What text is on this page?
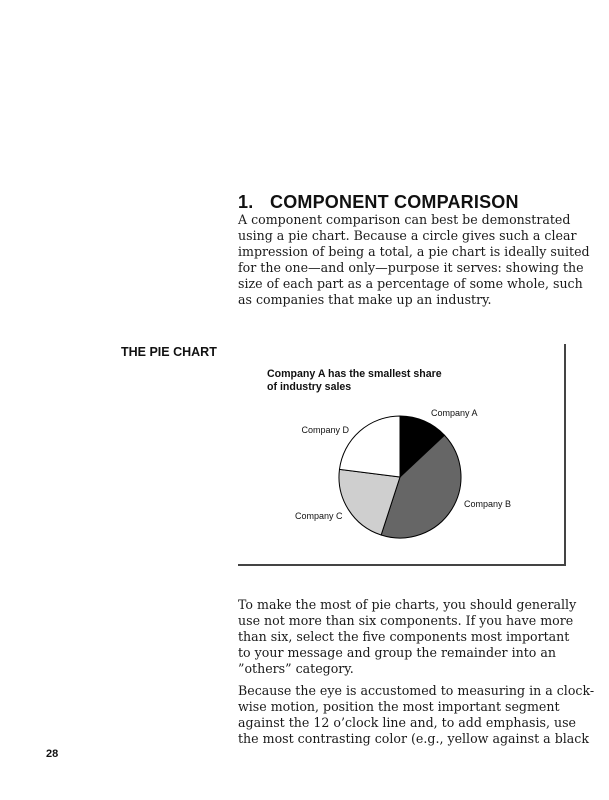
1. COMPONENT COMPARISON

A component comparison can best be demonstrated
using a pie chart. Because a circle gives such a clear
impression of being a total, a pie chart is ideally suited
for the one—and only—purpose it serves: showing the
size of each part as a percentage of some whole, such
as companies that make up an industry.

THE PIE CHART

Company A has the smallest share
of industry sales
Company A
Company B
Company C
Company D

To make the most of pie charts, you should generally
use not more than six components. If you have more
than six, select the five components most important
to your message and group the remainder into an
”others” category.

Because the eye is accustomed to measuring in a clock-
wise motion, position the most important segment
against the 12 o’clock line and, to add emphasis, use
the most contrasting color (e.g., yellow against a black

28
